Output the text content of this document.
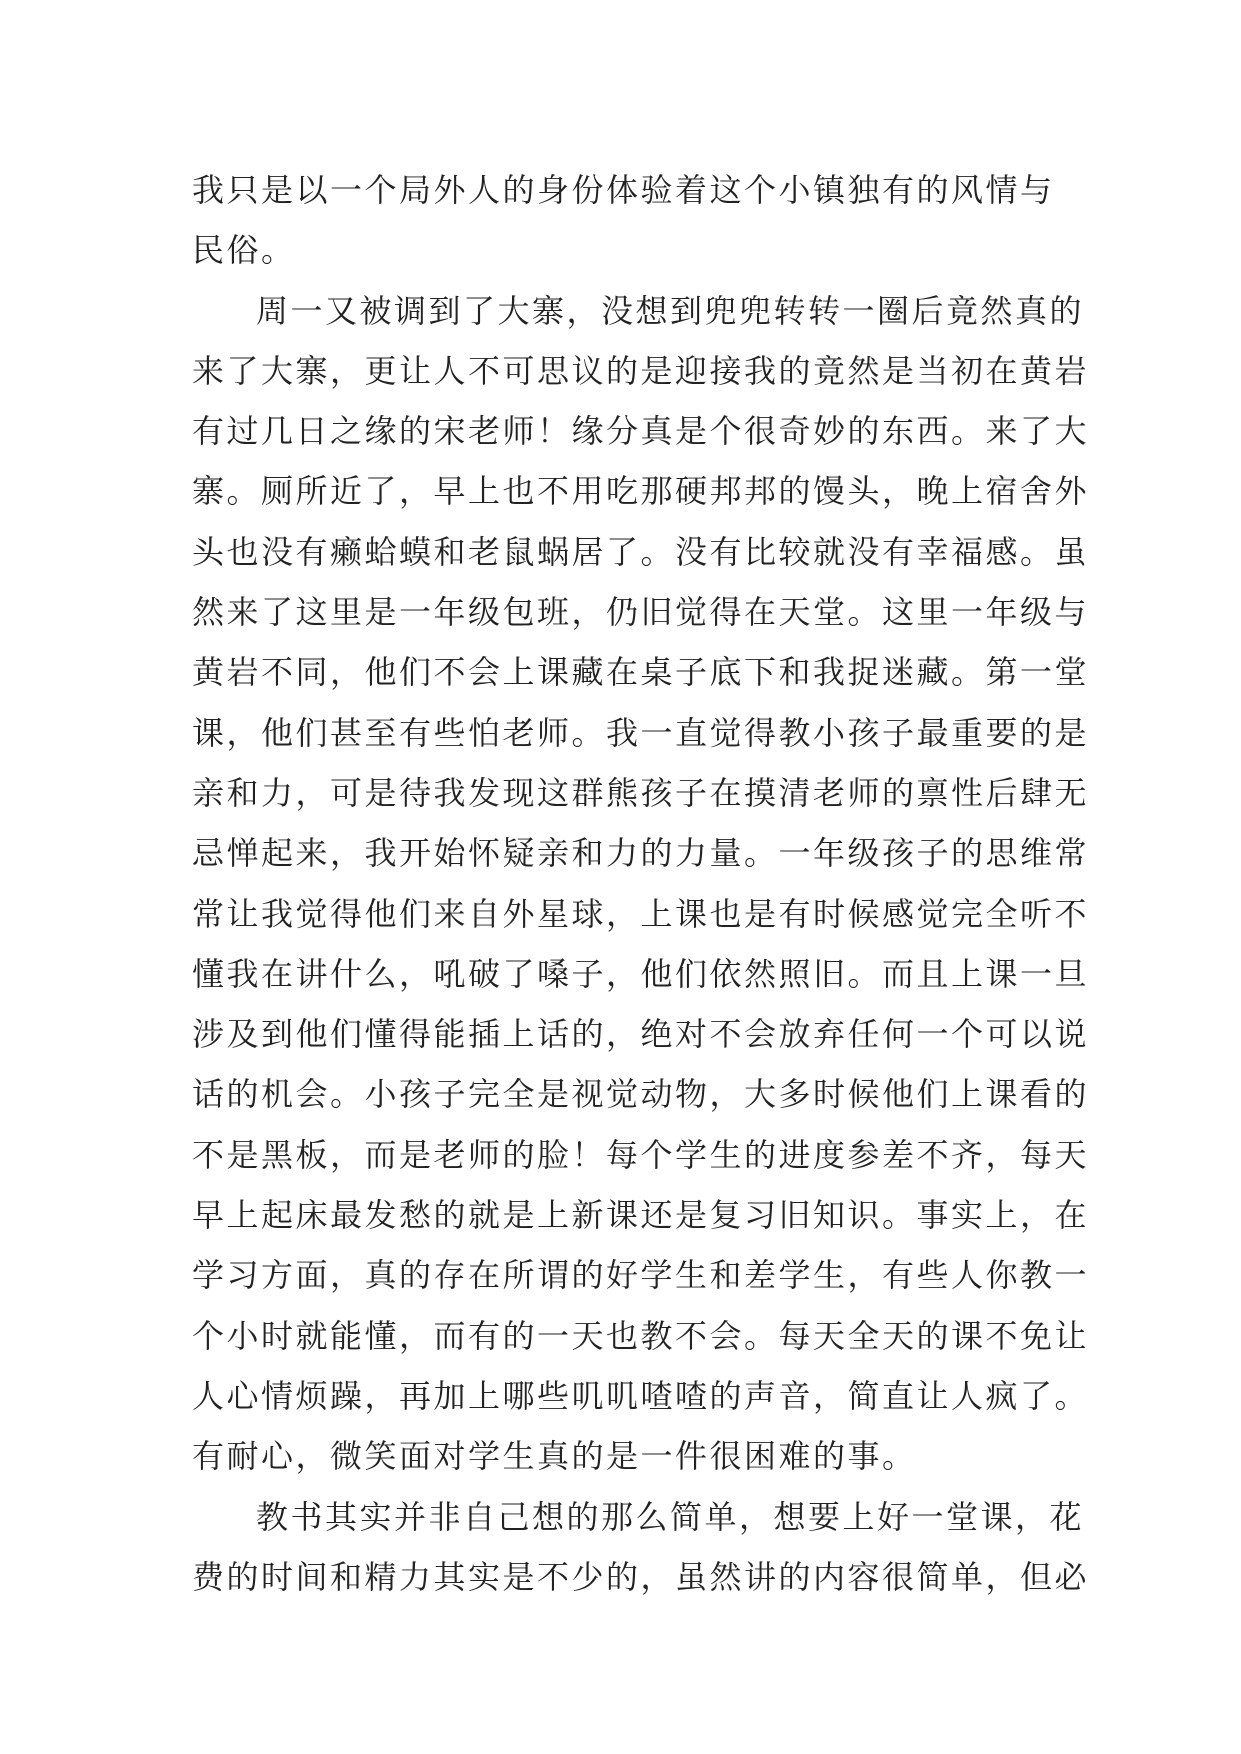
我只是以一个局外人的身份体验着这个小镇独有的风情与
民俗。
周一又被调到了大寨，没想到兜兜转转一圈后竟然真的
来了大寨，更让人不可思议的是迎接我的竟然是当初在黄岩
有过几日之缘的宋老师！缘分真是个很奇妙的东西。来了大
寨。厕所近了，早上也不用吃那硬邦邦的馒头，晚上宿舍外
头也没有癞蛤蟆和老鼠蜗居了。没有比较就没有幸福感。虽
然来了这里是一年级包班，仍旧觉得在天堂。这里一年级与
黄岩不同，他们不会上课藏在桌子底下和我捉迷藏。第一堂
课，他们甚至有些怕老师。我一直觉得教小孩子最重要的是
亲和力，可是待我发现这群熊孩子在摸清老师的禀性后肆无
忌惮起来，我开始怀疑亲和力的力量。一年级孩子的思维常
常让我觉得他们来自外星球，上课也是有时候感觉完全听不
懂我在讲什么，吼破了嗓子，他们依然照旧。而且上课一旦
涉及到他们懂得能插上话的，绝对不会放弃任何一个可以说
话的机会。小孩子完全是视觉动物，大多时候他们上课看的
不是黑板，而是老师的脸！每个学生的进度参差不齐，每天
早上起床最发愁的就是上新课还是复习旧知识。事实上，在
学习方面，真的存在所谓的好学生和差学生，有些人你教一
个小时就能懂，而有的一天也教不会。每天全天的课不免让
人心情烦躁，再加上哪些叽叽喳喳的声音，简直让人疯了。
有耐心，微笑面对学生真的是一件很困难的事。
教书其实并非自己想的那么简单，想要上好一堂课，花
费的时间和精力其实是不少的，虽然讲的内容很简单，但必
